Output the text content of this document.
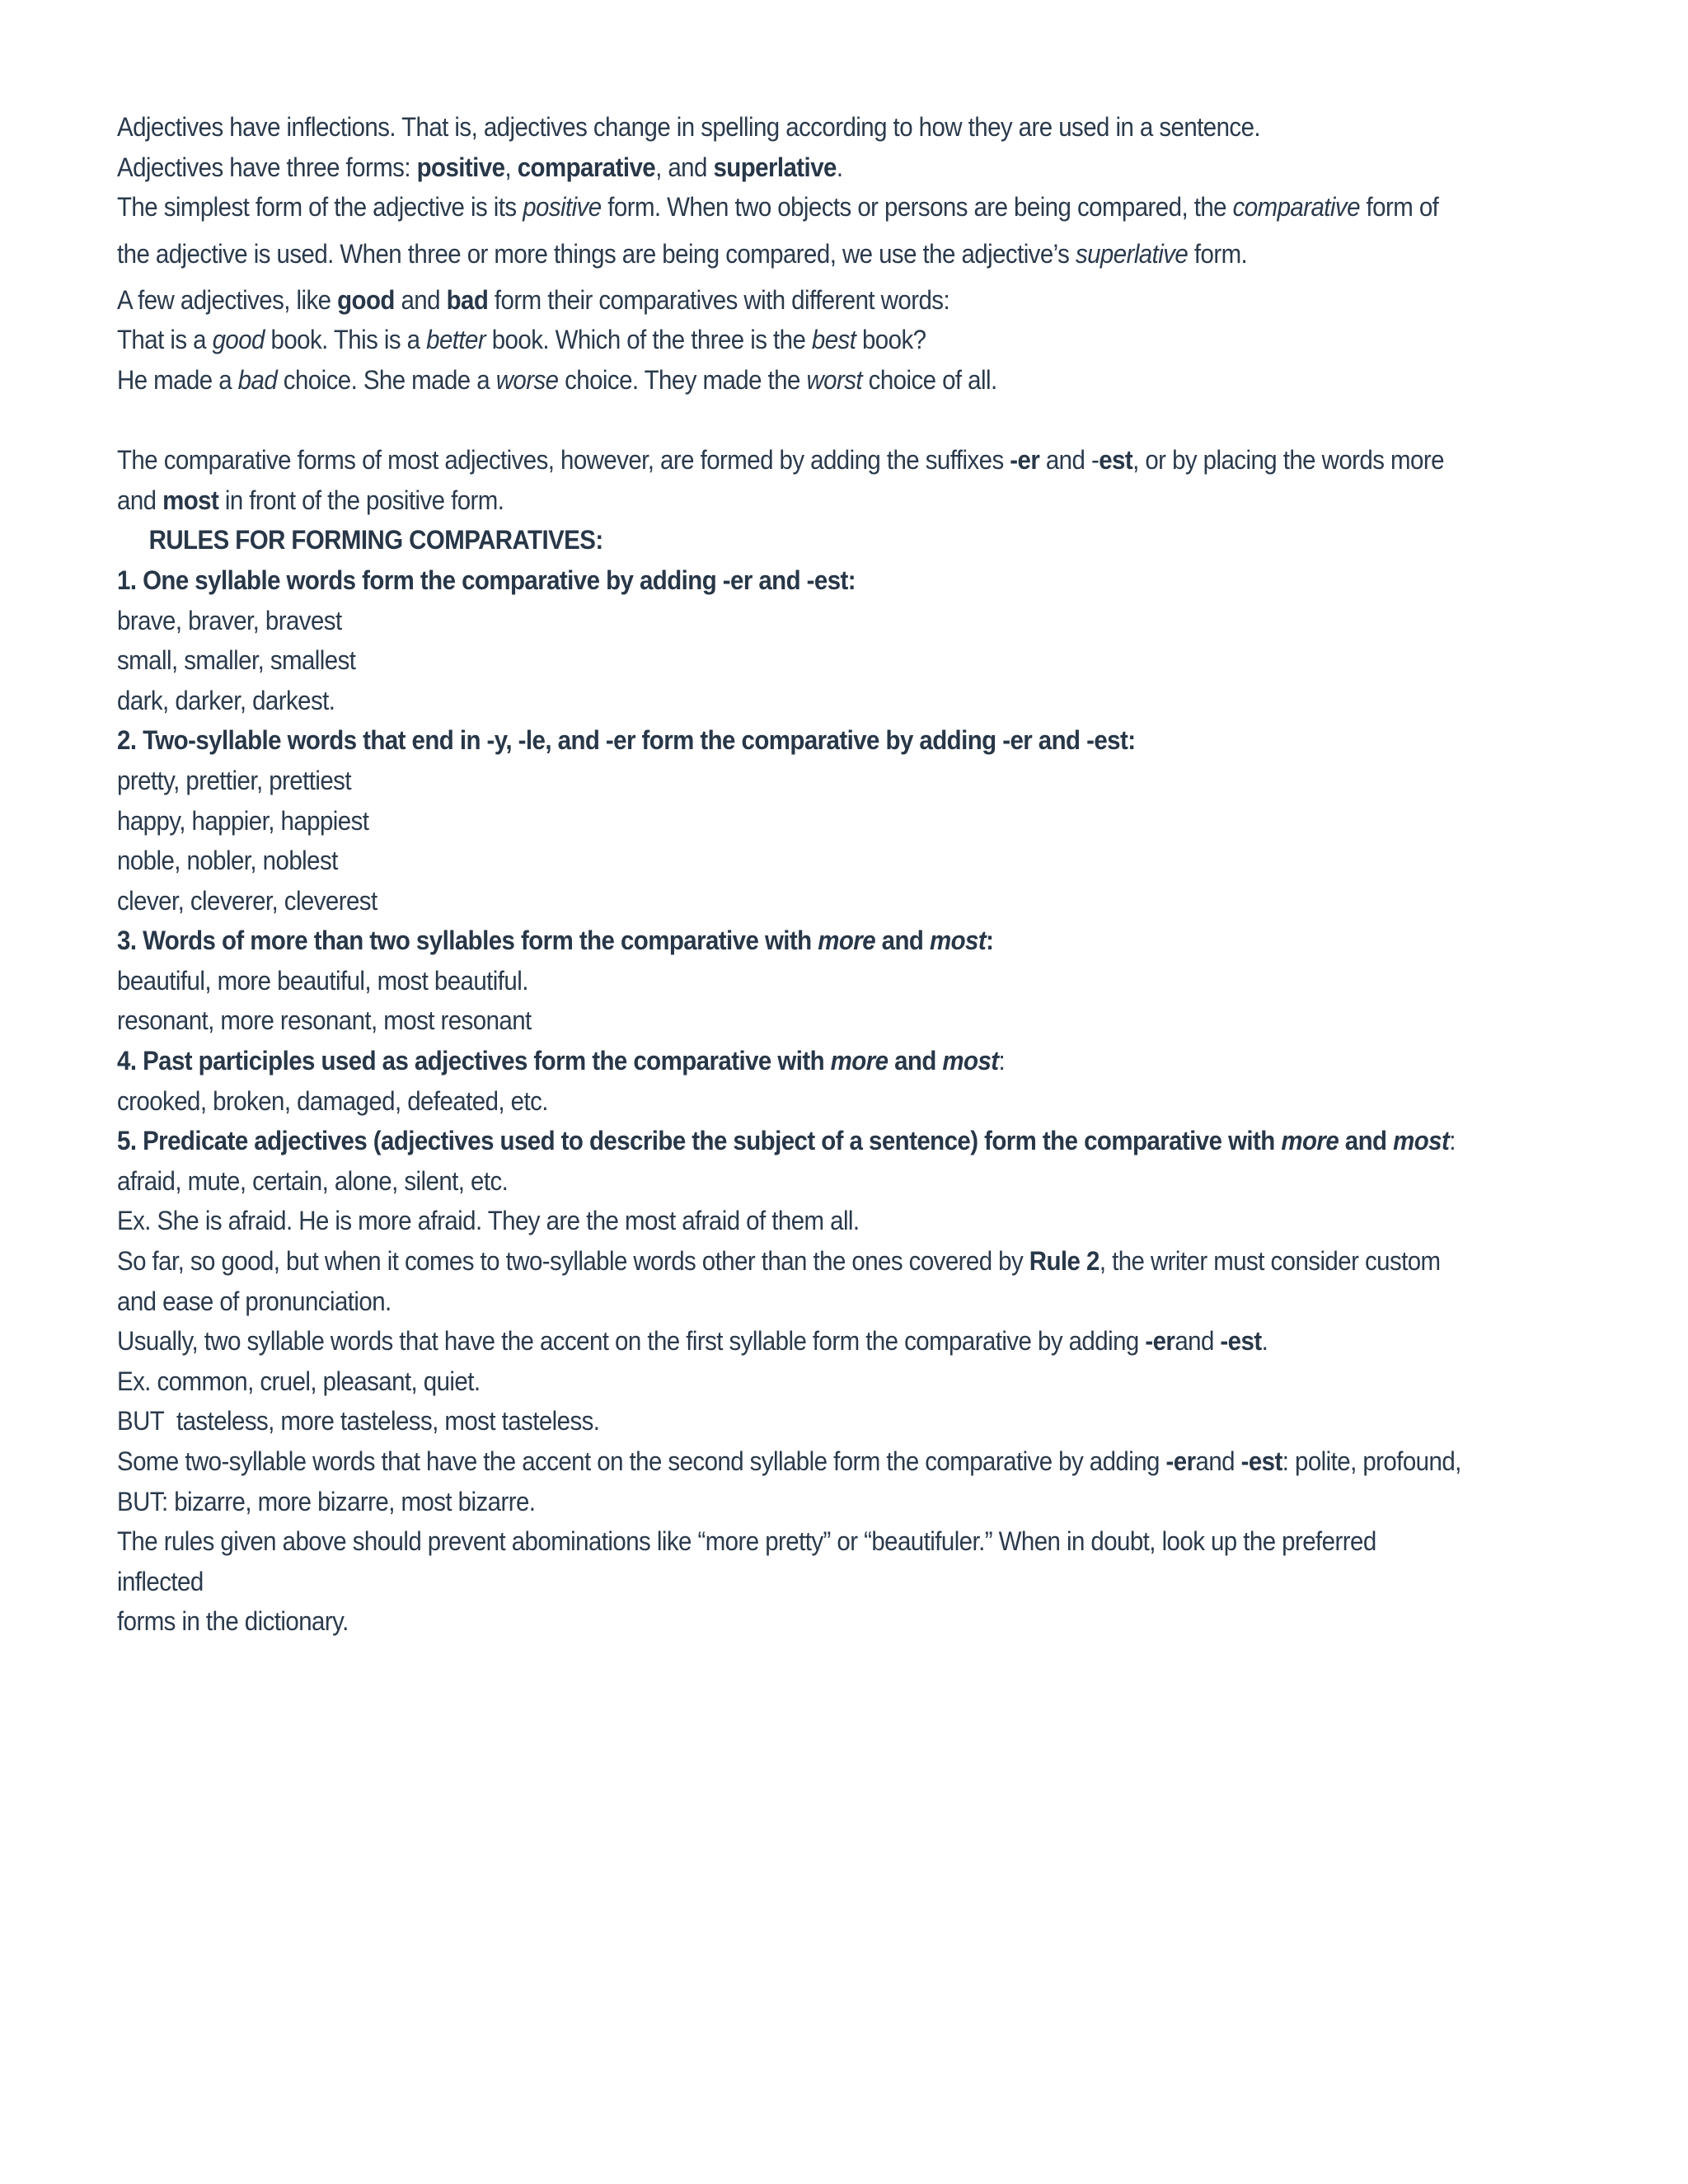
Adjectives have inflections. That is, adjectives change in spelling according to how they are used in a sentence.

Adjectives have three forms: positive, comparative, and superlative.

The simplest form of the adjective is its positive form. When two objects or persons are being compared, the comparative form of

the adjective is used. When three or more things are being compared, we use the adjective’s superlative form.

A few adjectives, like good and bad form their comparatives with different words:

That is a good book. This is a better book. Which of the three is the best book?

He made a bad choice. She made a worse choice. They made the worst choice of all.

The comparative forms of most adjectives, however, are formed by adding the suffixes -er and -est, or by placing the words more

and most in front of the positive form.

RULES FOR FORMING COMPARATIVES:

1. One syllable words form the comparative by adding -er and -est:

brave, braver, bravest

small, smaller, smallest

dark, darker, darkest.

2. Two-syllable words that end in -y, -le, and -er form the comparative by adding -er and -est:

pretty, prettier, prettiest

happy, happier, happiest

noble, nobler, noblest

clever, cleverer, cleverest

3. Words of more than two syllables form the comparative with more and most:

beautiful, more beautiful, most beautiful.

resonant, more resonant, most resonant

4. Past participles used as adjectives form the comparative with more and most:

crooked, broken, damaged, defeated, etc.

5. Predicate adjectives (adjectives used to describe the subject of a sentence) form the comparative with more and most:

afraid, mute, certain, alone, silent, etc.

Ex. She is afraid. He is more afraid. They are the most afraid of them all.

So far, so good, but when it comes to two-syllable words other than the ones covered by Rule 2, the writer must consider custom

and ease of pronunciation.

Usually, two syllable words that have the accent on the first syllable form the comparative by adding -erand -est.

Ex. common, cruel, pleasant, quiet.

BUT  tasteless, more tasteless, most tasteless.

Some two-syllable words that have the accent on the second syllable form the comparative by adding -erand -est: polite, profound,

BUT: bizarre, more bizarre, most bizarre.

The rules given above should prevent abominations like “more pretty” or “beautifuler.” When in doubt, look up the preferred inflected

forms in the dictionary.
